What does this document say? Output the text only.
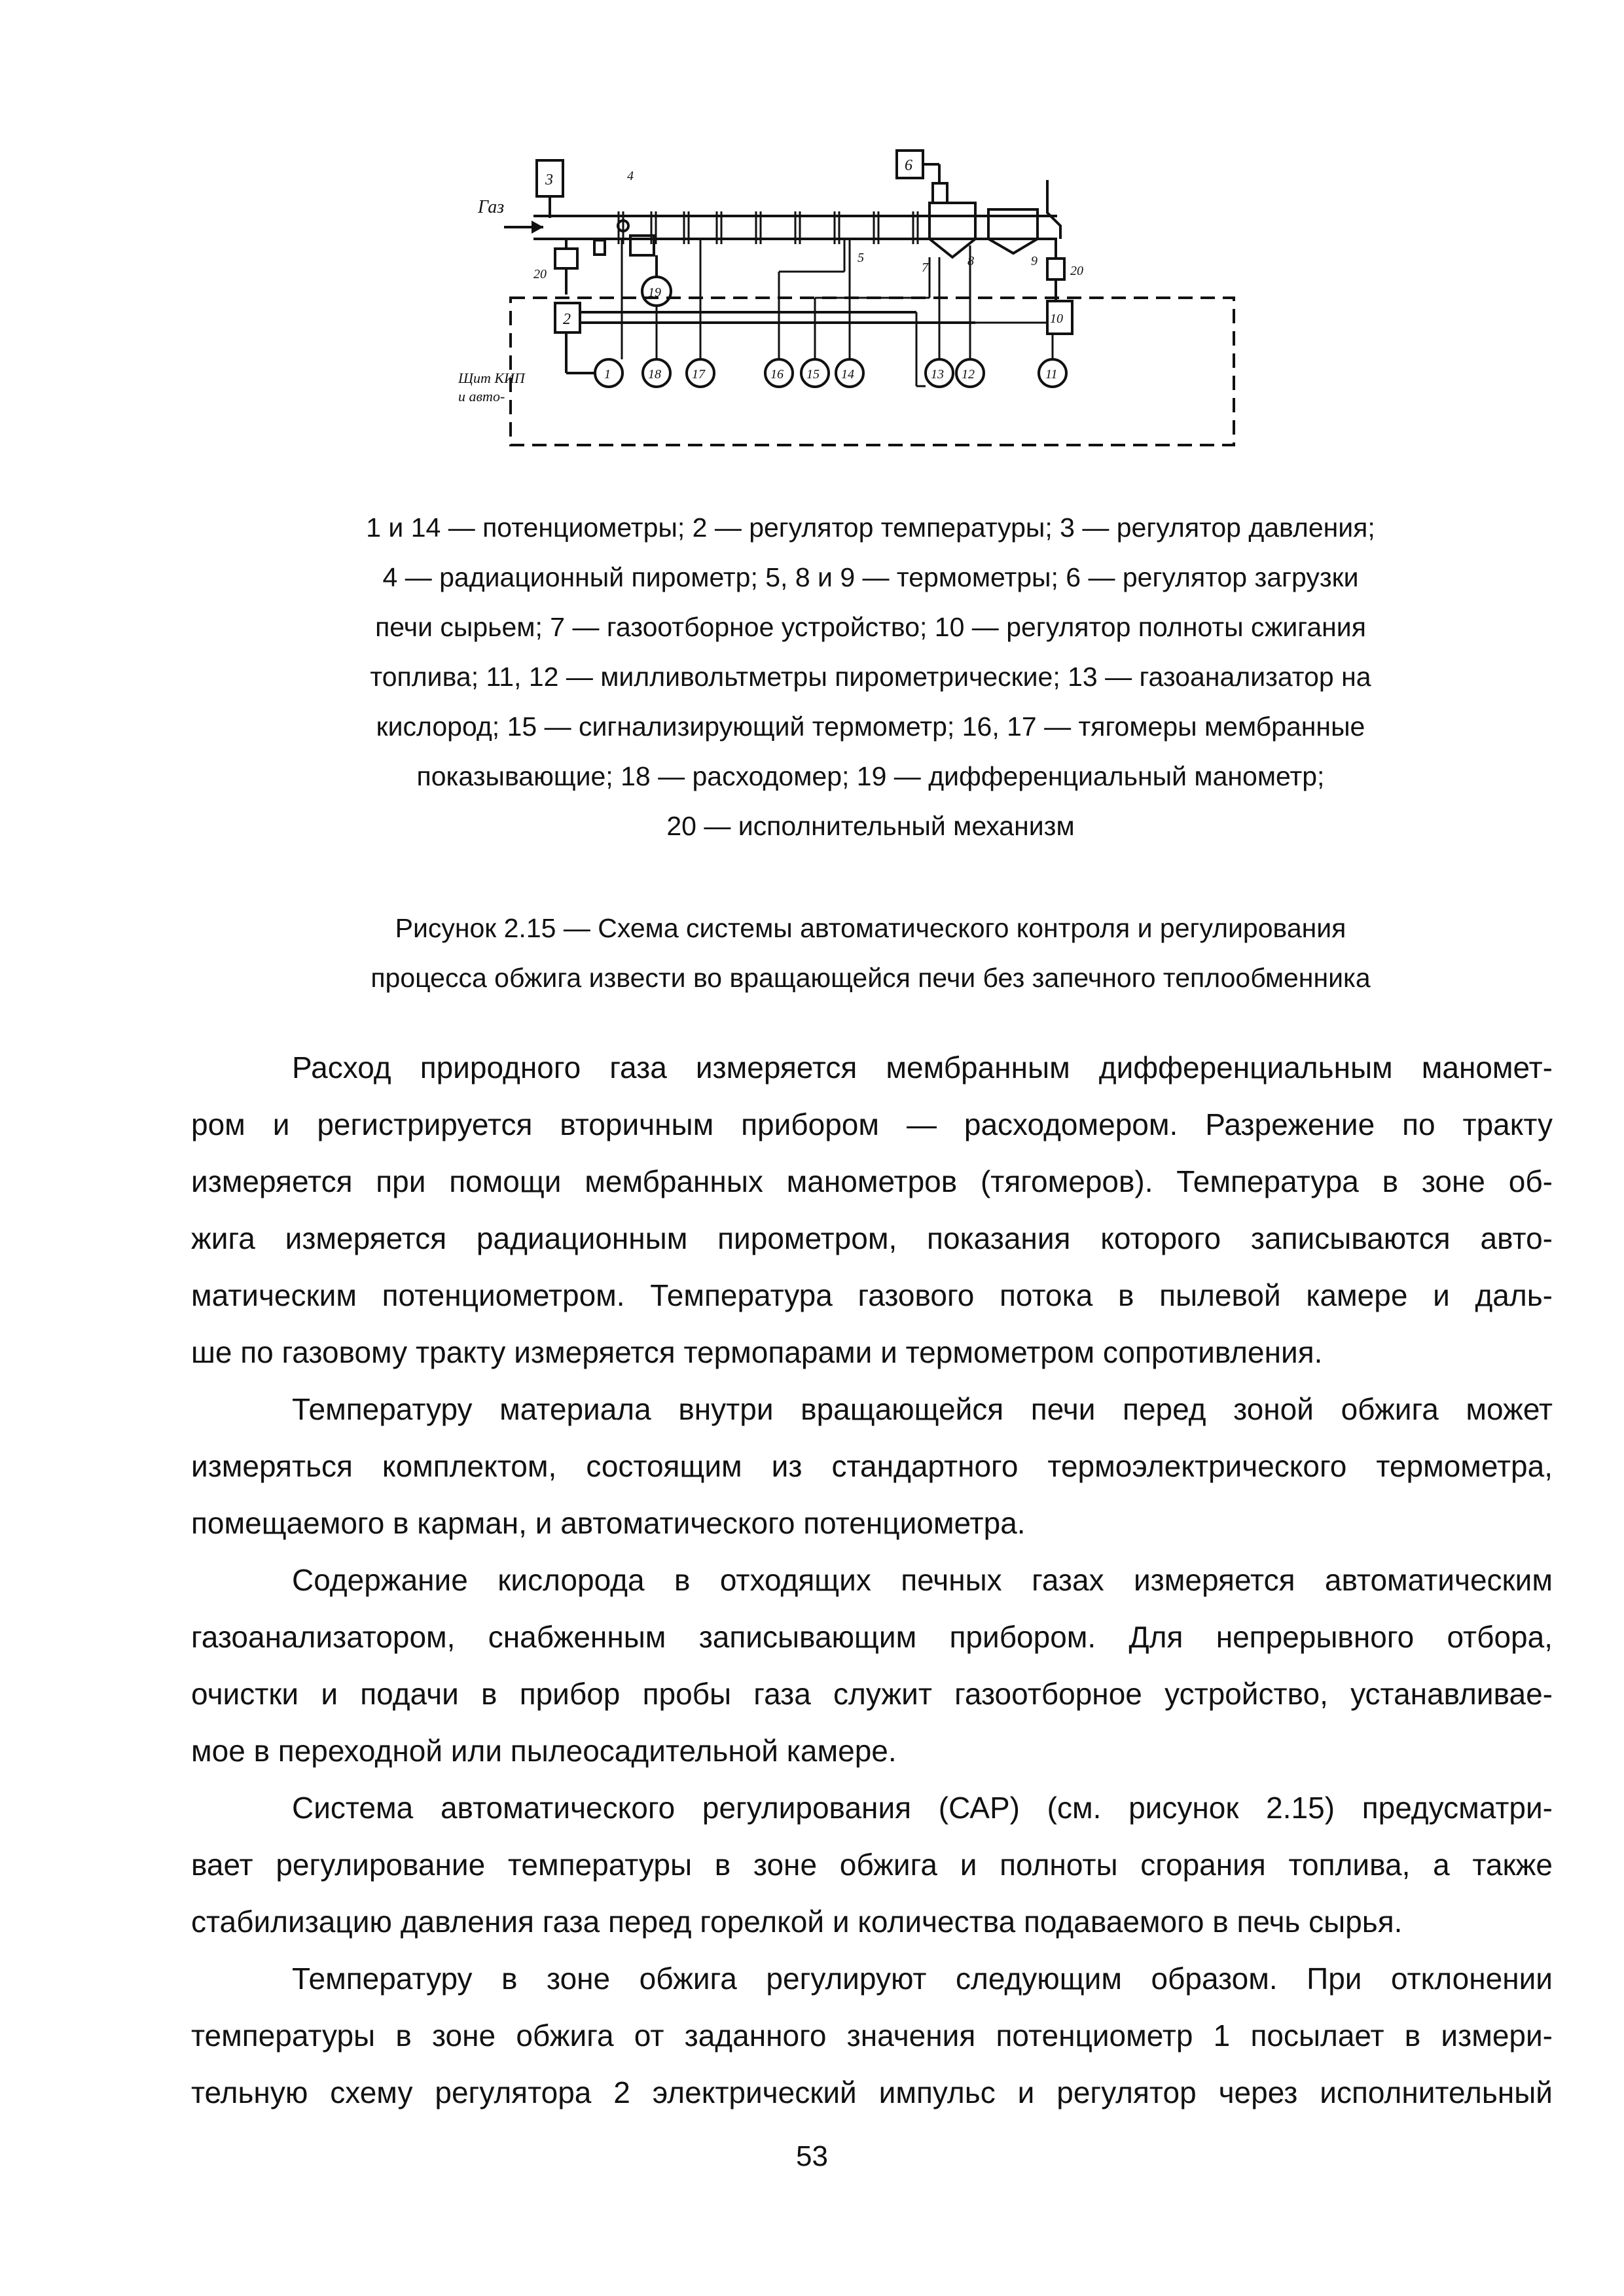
Газ
3
20
4
7	8	9
5
6
20
Щит КИП
и авто-
2	10
19
1	18 17	16 15 14	13 12	11
1 и 14 — потенциометры; 2 — регулятор температуры; 3 — регулятор давления;
4 — радиационный пирометр; 5, 8 и 9 — термометры; 6 — регулятор загрузки
печи сырьем; 7 — газоотборное устройство; 10 — регулятор полноты сжигания
топлива; 11, 12 — милливольтметры пирометрические; 13 — газоанализатор на
кислород; 15 — сигнализирующий термометр; 16, 17 — тягомеры мембранные
показывающие; 18 — расходомер; 19 — дифференциальный манометр;
20 — исполнительный механизм
Рисунок 2.15 — Схема системы автоматического контроля и регулирования
процесса обжига извести во вращающейся печи без запечного теплообменника
Расход природного газа измеряется мембранным дифференциальным маномет-
ром и регистрируется вторичным прибором — расходомером. Разрежение по тракту
измеряется при помощи мембранных манометров (тягомеров). Температура в зоне об-
жига измеряется радиационным пирометром, показания которого записываются авто-
матическим потенциометром. Температура газового потока в пылевой камере и даль-
ше по газовому тракту измеряется термопарами и термометром сопротивления.
Температуру материала внутри вращающейся печи перед зоной обжига может
измеряться комплектом, состоящим из стандартного термоэлектрического термометра,
помещаемого в карман, и автоматического потенциометра.
Содержание кислорода в отходящих печных газах измеряется автоматическим
газоанализатором, снабженным записывающим прибором. Для непрерывного отбора,
очистки и подачи в прибор пробы газа служит газоотборное устройство, устанавливае-
мое в переходной или пылеосадительной камере.
Система автоматического регулирования (САР) (см. рисунок 2.15) предусматри-
вает регулирование температуры в зоне обжига и полноты сгорания топлива, а также
стабилизацию давления газа перед горелкой и количества подаваемого в печь сырья.
Температуру в зоне обжига регулируют следующим образом. При отклонении
температуры в зоне обжига от заданного значения потенциометр 1 посылает в измери-
тельную схему регулятора 2 электрический импульс и регулятор через исполнительный
53
